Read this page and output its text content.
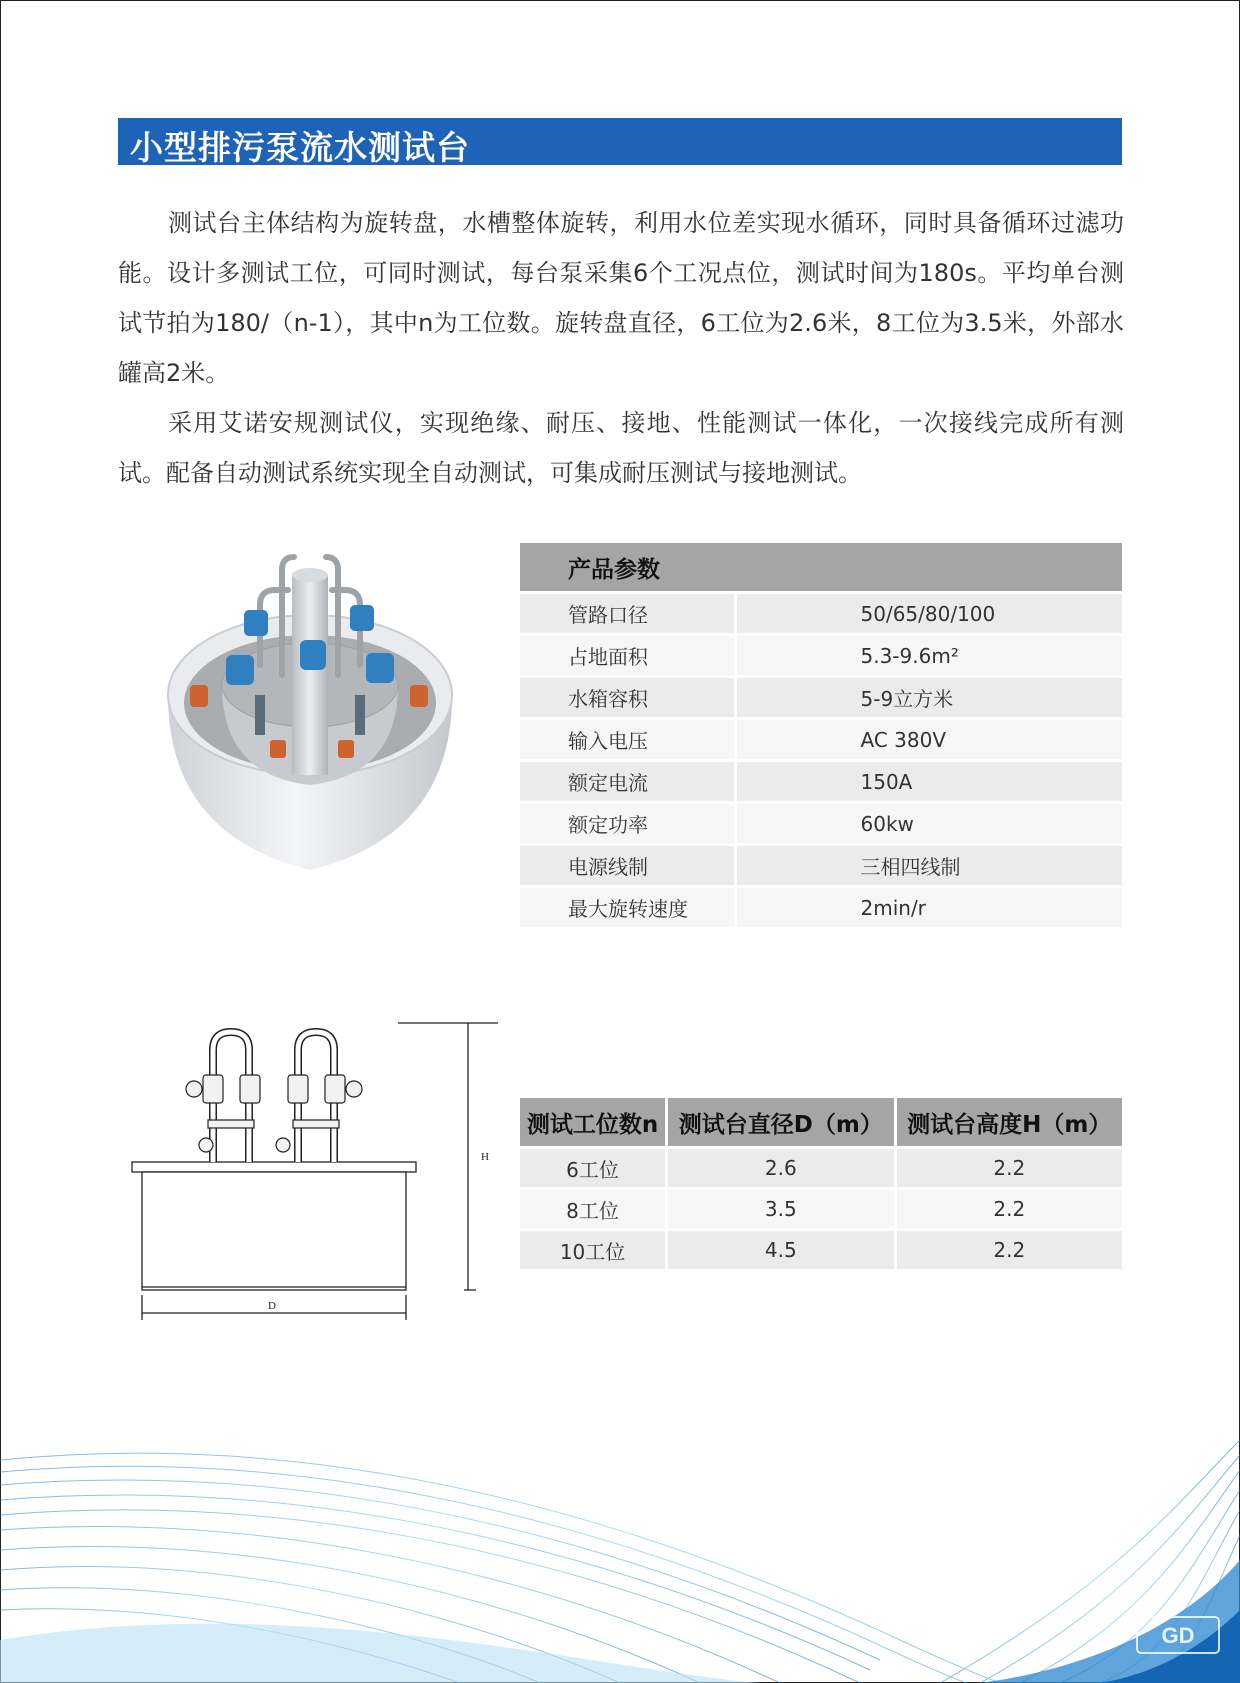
小型排污泵流水测试台

测试台主体结构为旋转盘，水槽整体旋转，利用水位差实现水循环，同时具备循环过滤功能。设计多测试工位，可同时测试，每台泵采集6个工况点位，测试时间为180s。平均单台测试节拍为180/（n-1），其中n为工位数。旋转盘直径，6工位为2.6米，8工位为3.5米，外部水罐高2米。

采用艾诺安规测试仪，实现绝缘、耐压、接地、性能测试一体化，一次接线完成所有测试。配备自动测试系统实现全自动测试，可集成耐压测试与接地测试。

产品参数	
管路口径	50/65/80/100
占地面积	5.3-9.6m²
水箱容积	5-9立方米
输入电压	AC 380V
额定电流	150A
额定功率	60kw
电源线制	三相四线制
最大旋转速度	2min/r
H
D
测试工位数n	测试台直径D（m）	测试台高度H（m）
6工位	2.6	2.2
8工位	3.5	2.2
10工位	4.5	2.2
GD
